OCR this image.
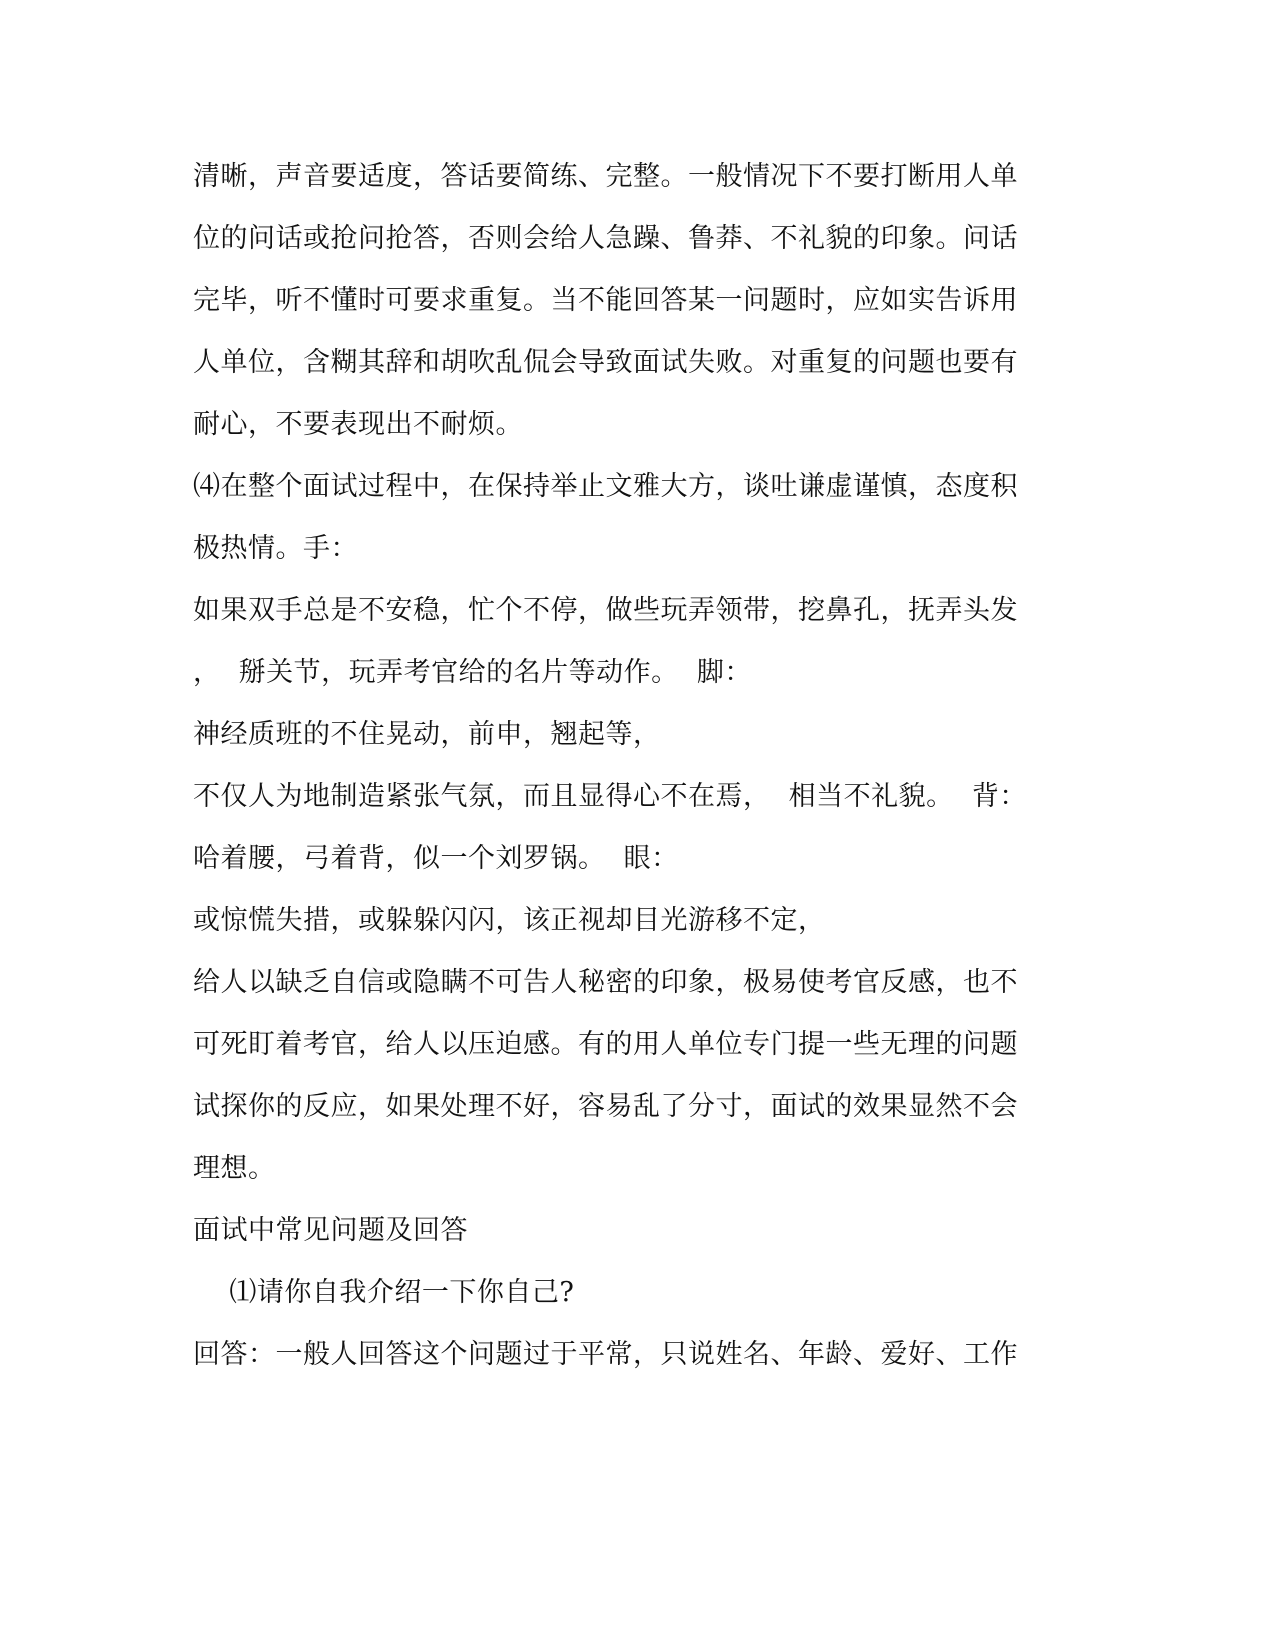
清晰，声音要适度，答话要简练、完整。一般情况下不要打断用人单
位的问话或抢问抢答，否则会给人急躁、鲁莽、不礼貌的印象。问话
完毕，听不懂时可要求重复。当不能回答某一问题时，应如实告诉用
人单位，含糊其辞和胡吹乱侃会导致面试失败。对重复的问题也要有
耐心，不要表现出不耐烦。
⑷在整个面试过程中，在保持举止文雅大方，谈吐谦虚谨慎，态度积
极热情。手：
如果双手总是不安稳，忙个不停，做些玩弄领带，挖鼻孔，抚弄头发
，  掰关节，玩弄考官给的名片等动作。  脚：
神经质班的不住晃动，前申，翘起等，
不仅人为地制造紧张气氛，而且显得心不在焉，  相当不礼貌。  背：
哈着腰，弓着背，似一个刘罗锅。  眼：
或惊慌失措，或躲躲闪闪，该正视却目光游移不定，
给人以缺乏自信或隐瞒不可告人秘密的印象，极易使考官反感，也不
可死盯着考官，给人以压迫感。有的用人单位专门提一些无理的问题
试探你的反应，如果处理不好，容易乱了分寸，面试的效果显然不会
理想。
面试中常见问题及回答
⑴请你自我介绍一下你自己?
回答：一般人回答这个问题过于平常，只说姓名、年龄、爱好、工作
